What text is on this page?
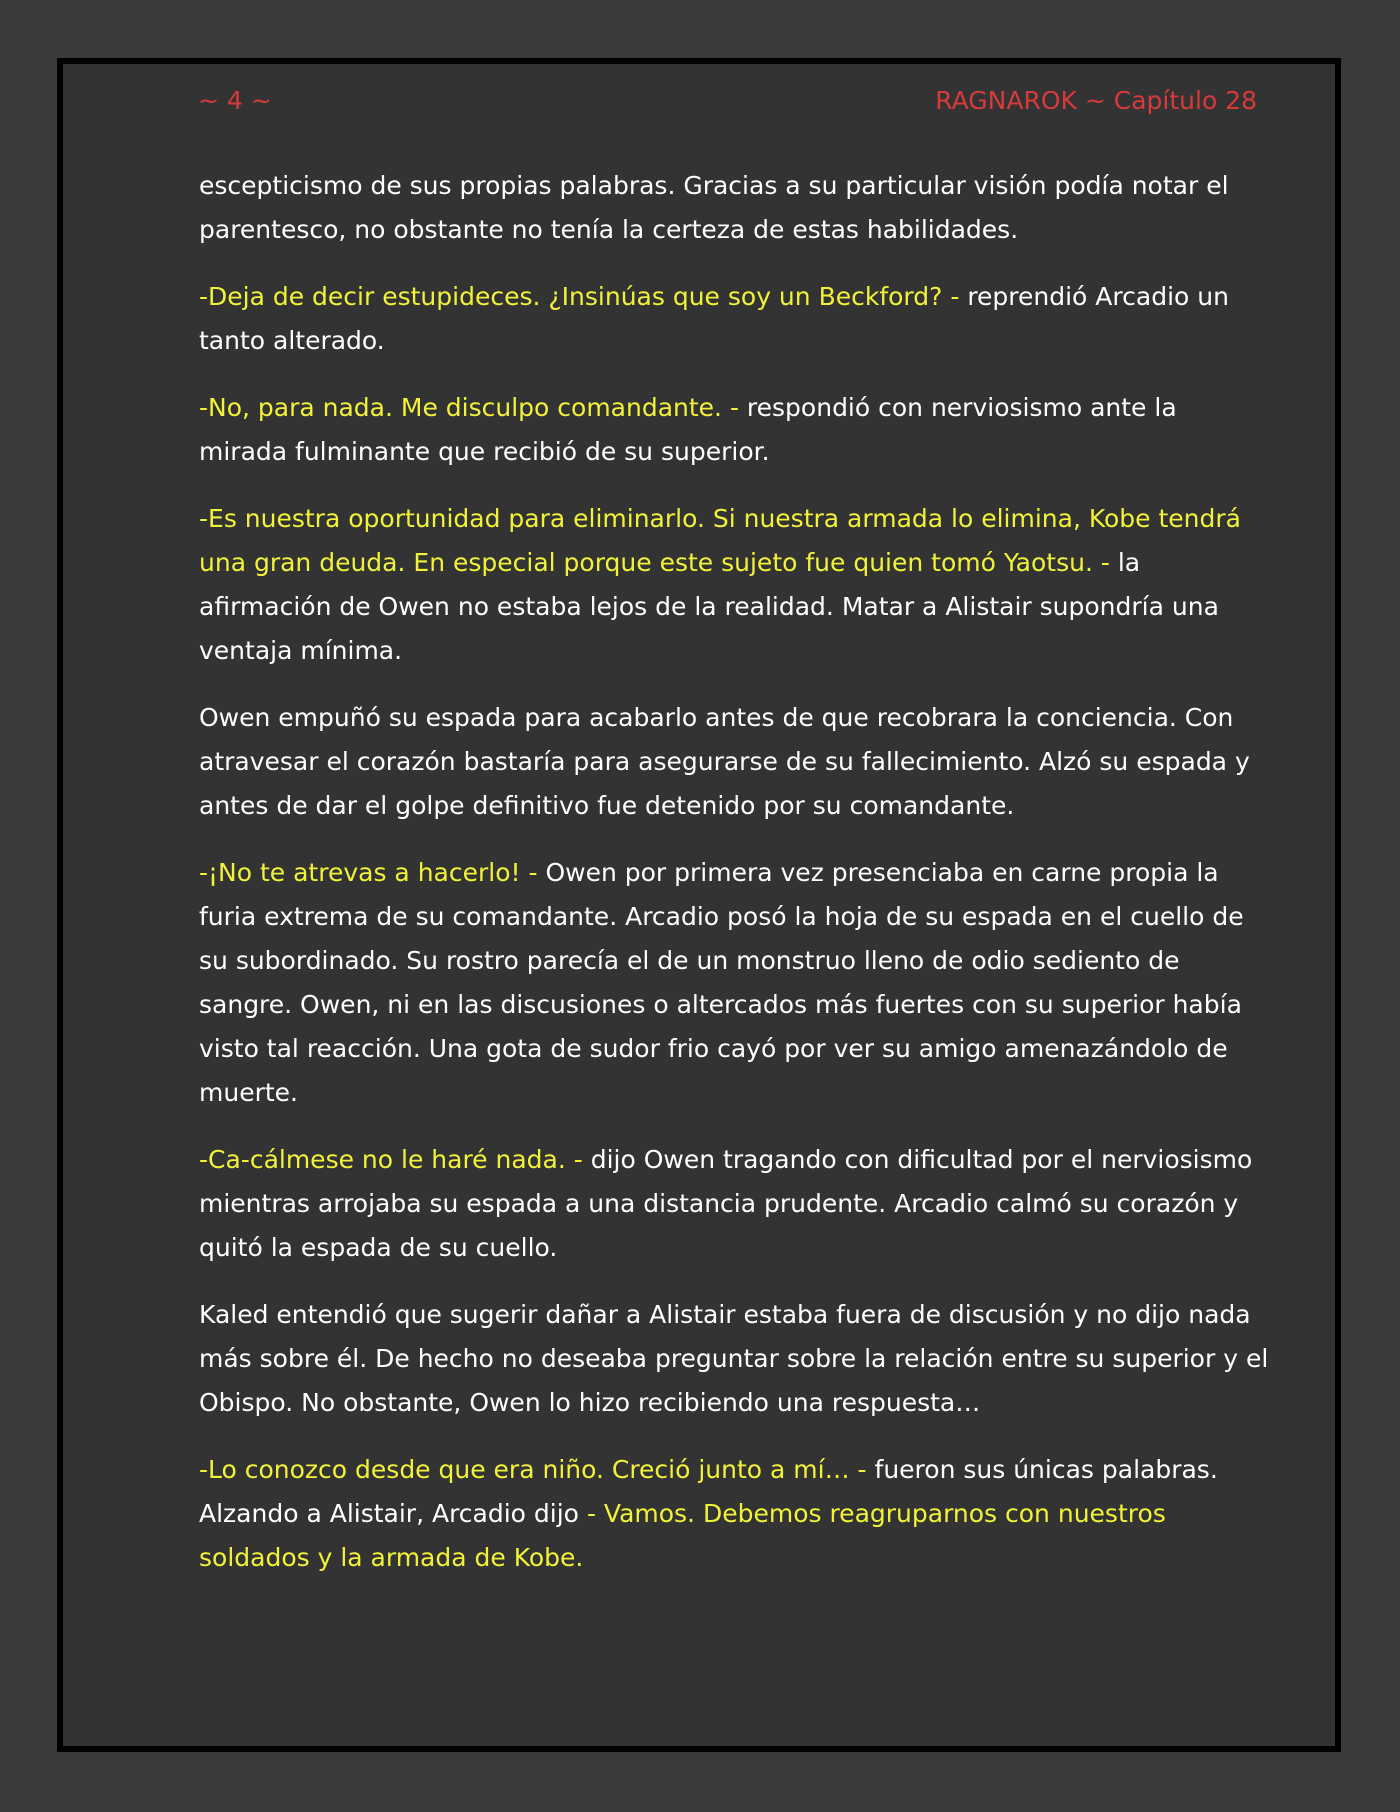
~ 4 ~	RAGNAROK ~ Capítulo 28

escepticismo de sus propias palabras. Gracias a su particular visión podía notar el parentesco, no obstante no tenía la certeza de estas habilidades.

-Deja de decir estupideces. ¿Insinúas que soy un Beckford? - reprendió Arcadio un tanto alterado.

-No, para nada. Me disculpo comandante. - respondió con nerviosismo ante la mirada fulminante que recibió de su superior.

-Es nuestra oportunidad para eliminarlo. Si nuestra armada lo elimina, Kobe tendrá una gran deuda. En especial porque este sujeto fue quien tomó Yaotsu. - la afirmación de Owen no estaba lejos de la realidad. Matar a Alistair supondría una ventaja mínima.

Owen empuñó su espada para acabarlo antes de que recobrara la conciencia. Con atravesar el corazón bastaría para asegurarse de su fallecimiento. Alzó su espada y antes de dar el golpe definitivo fue detenido por su comandante.

-¡No te atrevas a hacerlo! - Owen por primera vez presenciaba en carne propia la furia extrema de su comandante. Arcadio posó la hoja de su espada en el cuello de su subordinado. Su rostro parecía el de un monstruo lleno de odio sediento de sangre. Owen, ni en las discusiones o altercados más fuertes con su superior había visto tal reacción. Una gota de sudor frio cayó por ver su amigo amenazándolo de muerte.

-Ca-cálmese no le haré nada. - dijo Owen tragando con dificultad por el nerviosismo mientras arrojaba su espada a una distancia prudente. Arcadio calmó su corazón y quitó la espada de su cuello.

Kaled entendió que sugerir dañar a Alistair estaba fuera de discusión y no dijo nada más sobre él. De hecho no deseaba preguntar sobre la relación entre su superior y el Obispo. No obstante, Owen lo hizo recibiendo una respuesta…

-Lo conozco desde que era niño. Creció junto a mí… - fueron sus únicas palabras. Alzando a Alistair, Arcadio dijo - Vamos. Debemos reagruparnos con nuestros soldados y la armada de Kobe.
